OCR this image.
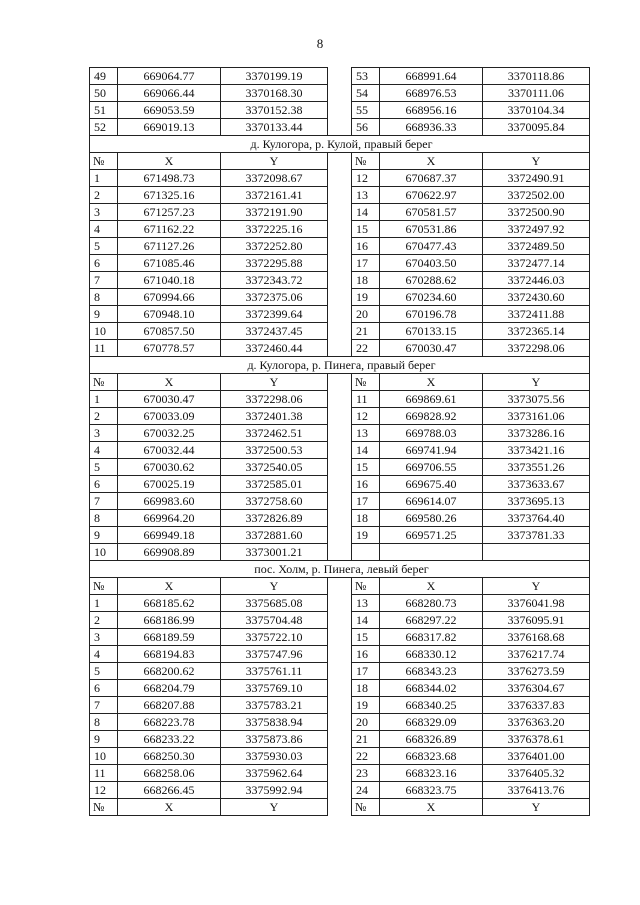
8
49	669064.77	3370199.19		53	668991.64	3370118.86
50	669066.44	3370168.30		54	668976.53	3370111.06
51	669053.59	3370152.38		55	668956.16	3370104.34
52	669019.13	3370133.44		56	668936.33	3370095.84
д. Кулогора, р. Кулой, правый берег						
№	X	Y		№	X	Y
1	671498.73	3372098.67		12	670687.37	3372490.91
2	671325.16	3372161.41		13	670622.97	3372502.00
3	671257.23	3372191.90		14	670581.57	3372500.90
4	671162.22	3372225.16		15	670531.86	3372497.92
5	671127.26	3372252.80		16	670477.43	3372489.50
6	671085.46	3372295.88		17	670403.50	3372477.14
7	671040.18	3372343.72		18	670288.62	3372446.03
8	670994.66	3372375.06		19	670234.60	3372430.60
9	670948.10	3372399.64		20	670196.78	3372411.88
10	670857.50	3372437.45		21	670133.15	3372365.14
11	670778.57	3372460.44		22	670030.47	3372298.06
д. Кулогора, р. Пинега, правый берег						
№	X	Y		№	X	Y
1	670030.47	3372298.06		11	669869.61	3373075.56
2	670033.09	3372401.38		12	669828.92	3373161.06
3	670032.25	3372462.51		13	669788.03	3373286.16
4	670032.44	3372500.53		14	669741.94	3373421.16
5	670030.62	3372540.05		15	669706.55	3373551.26
6	670025.19	3372585.01		16	669675.40	3373633.67
7	669983.60	3372758.60		17	669614.07	3373695.13
8	669964.20	3372826.89		18	669580.26	3373764.40
9	669949.18	3372881.60		19	669571.25	3373781.33
10	669908.89	3373001.21				
пос. Холм, р. Пинега, левый берег						
№	X	Y		№	X	Y
1	668185.62	3375685.08		13	668280.73	3376041.98
2	668186.99	3375704.48		14	668297.22	3376095.91
3	668189.59	3375722.10		15	668317.82	3376168.68
4	668194.83	3375747.96		16	668330.12	3376217.74
5	668200.62	3375761.11		17	668343.23	3376273.59
6	668204.79	3375769.10		18	668344.02	3376304.67
7	668207.88	3375783.21		19	668340.25	3376337.83
8	668223.78	3375838.94		20	668329.09	3376363.20
9	668233.22	3375873.86		21	668326.89	3376378.61
10	668250.30	3375930.03		22	668323.68	3376401.00
11	668258.06	3375962.64		23	668323.16	3376405.32
12	668266.45	3375992.94		24	668323.75	3376413.76
№	X	Y		№	X	Y
